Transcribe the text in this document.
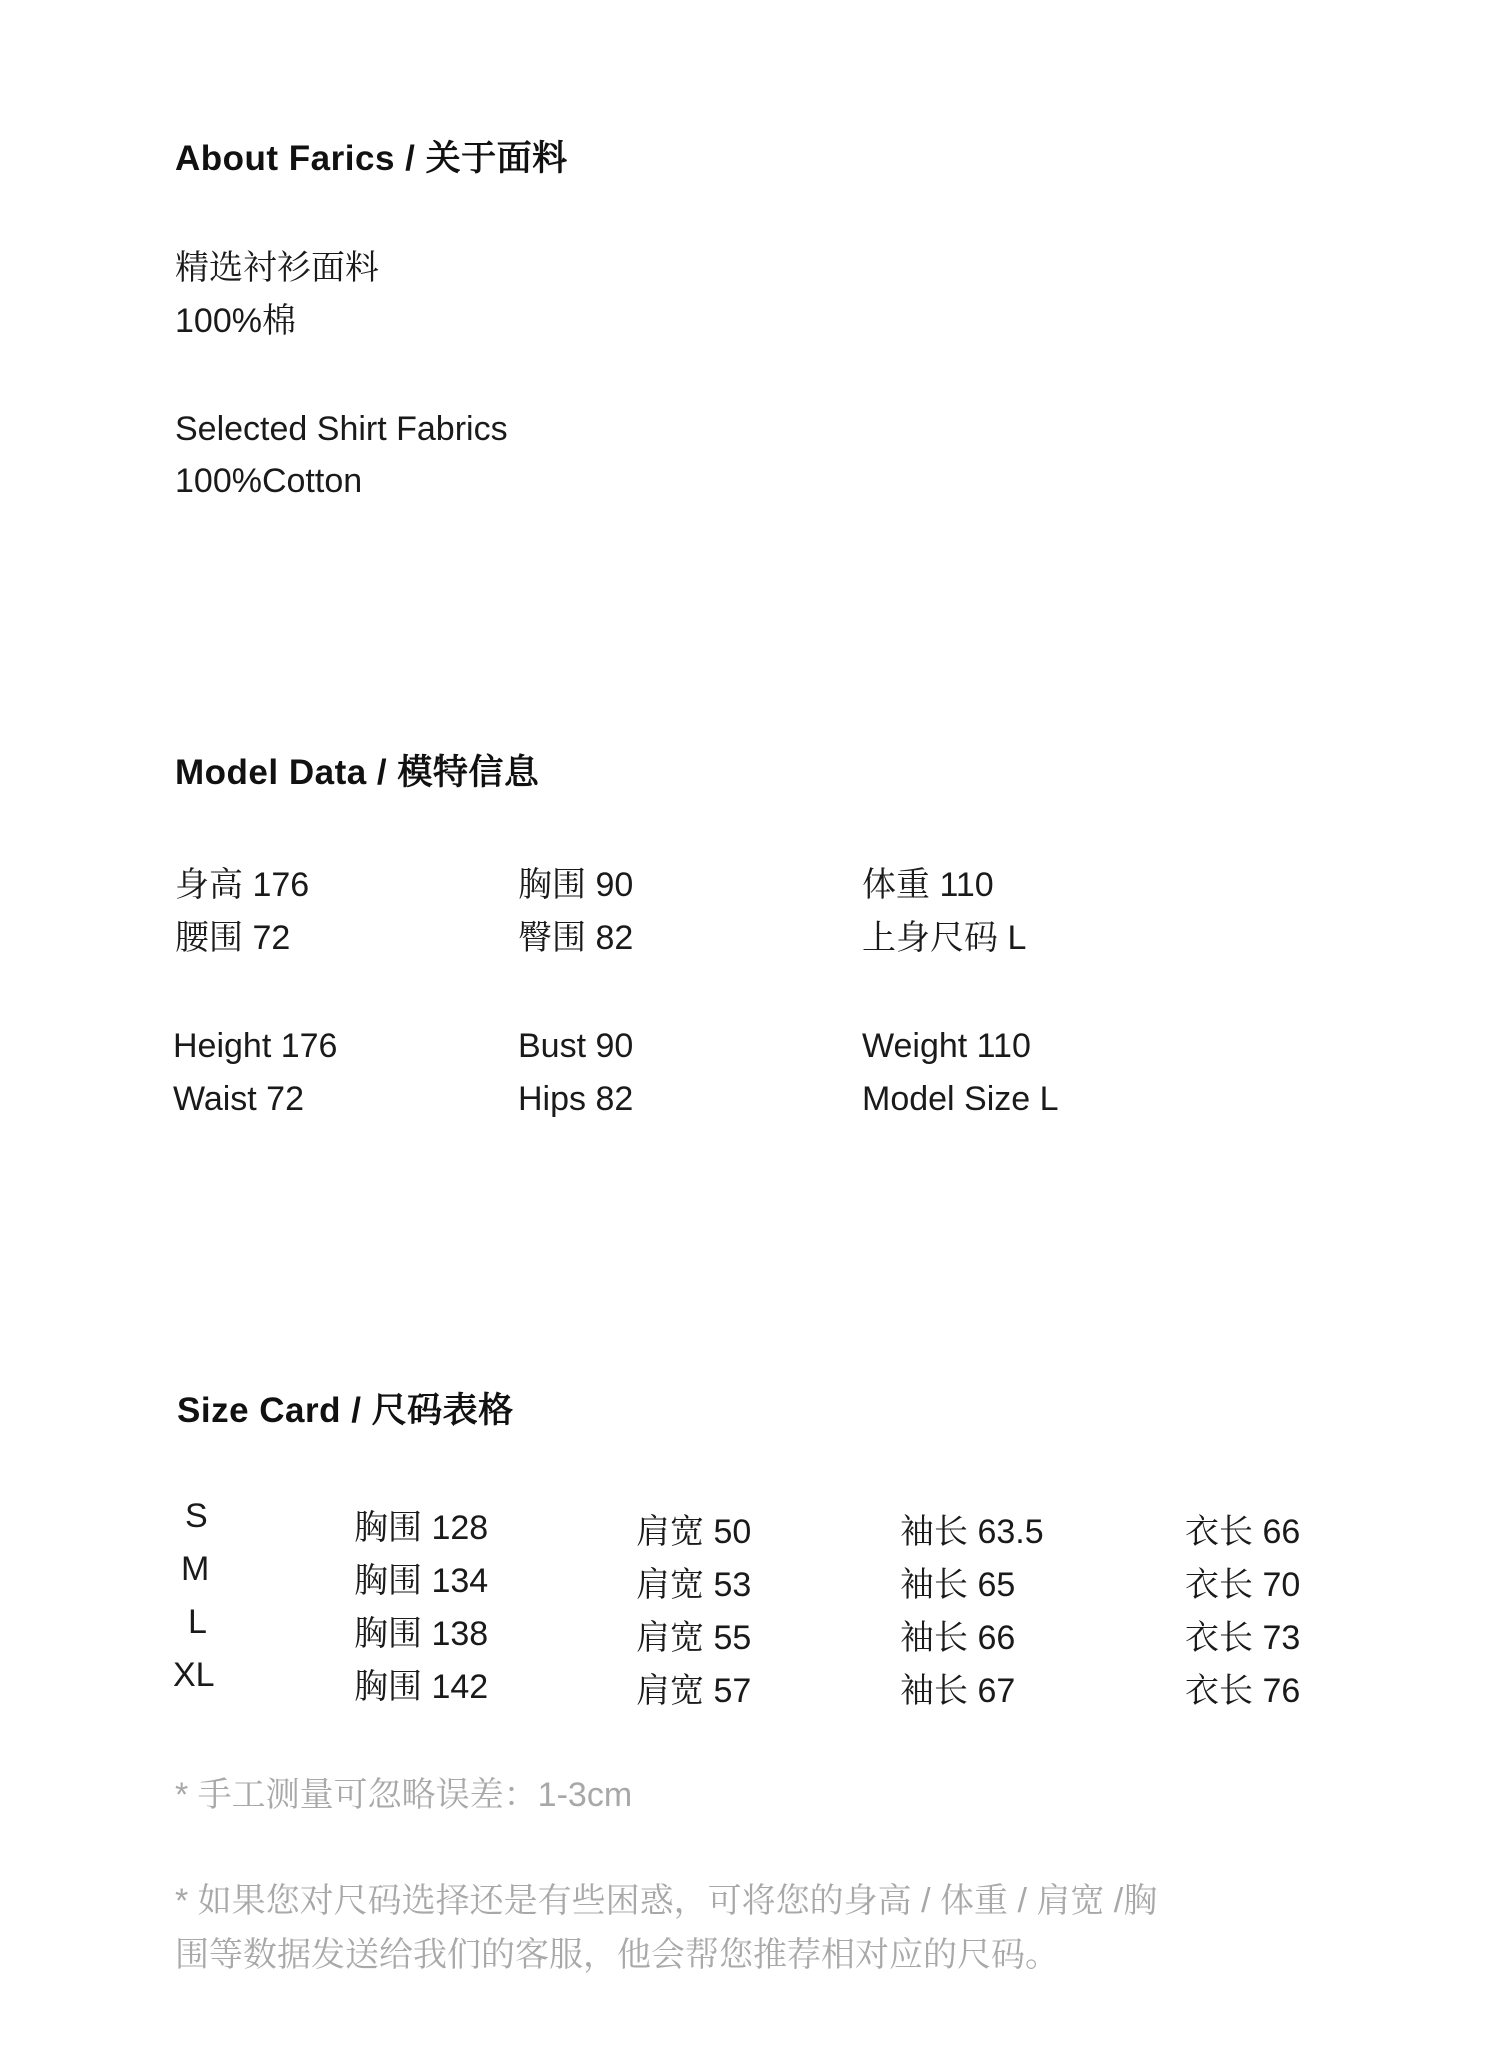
About Farics / 关于面料
精选衬衫面料
100%棉
Selected Shirt Fabrics
100%Cotton
Model Data / 模特信息
身高 176	胸围 90	体重 110
腰围 72	臀围 82	上身尺码 L
Height 176	Bust 90	Weight 110
Waist 72	Hips 82	Model Size L
Size Card / 尺码表格
S	胸围 128	肩宽 50	袖长 63.5	衣长 66
M	胸围 134	肩宽 53	袖长 65	衣长 70
L	胸围 138	肩宽 55	袖长 66	衣长 73
XL	胸围 142	肩宽 57	袖长 67	衣长 76
* 手工测量可忽略误差：1-3cm
* 如果您对尺码选择还是有些困惑，可将您的身高 / 体重 / 肩宽 /胸
围等数据发送给我们的客服，他会帮您推荐相对应的尺码。
